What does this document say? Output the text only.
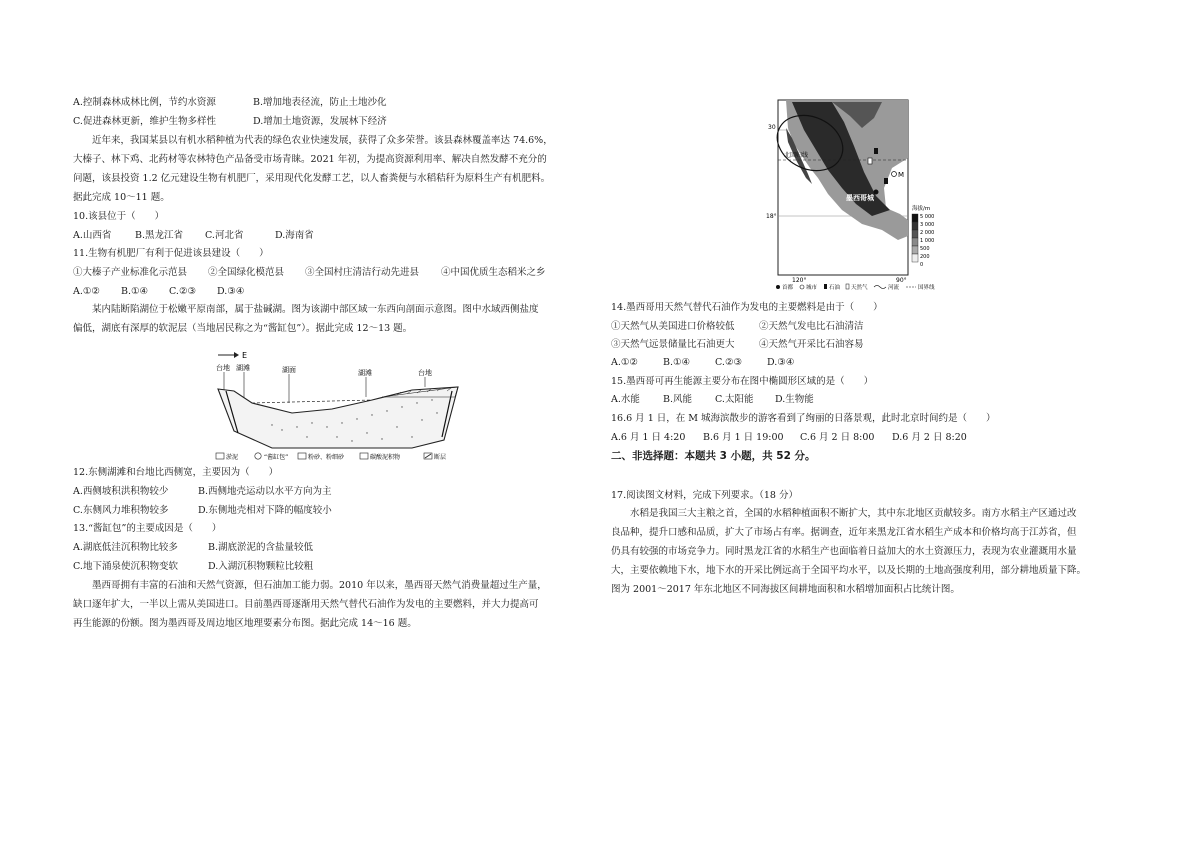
A.控制森林成林比例，节约水资源	B.增加地表径流，防止土地沙化
C.促进森林更新，维护生物多样性	D.增加土地资源，发展林下经济
近年来，我国某县以有机水稻种植为代表的绿色农业快速发展，获得了众多荣誉。该县森林覆盖率达 74.6%，
大榛子、林下鸡、北药材等农林特色产品备受市场青睐。2021 年初，为提高资源利用率、解决自然发酵不充分的
问题，该县投资 1.2 亿元建设生物有机肥厂，采用现代化发酵工艺，以人畜粪便与水稻秸秆为原料生产有机肥料。
据此完成 10～11 题。
10.该县位于（　　）
A.山西省 B.黑龙江省 C.河北省	D.海南省
11.生物有机肥厂有利于促进该县建设（　　）
①大榛子产业标准化示范县 ②全国绿化模范县 ③全国村庄清洁行动先进县 ④中国优质生态稻米之乡
A.①② B.①④ C.②③ D.③④
某内陆断陷湖位于松嫩平原南部，属于盐碱湖。图为该湖中部区域一东西向剖面示意图。图中水域西侧盐度
偏低，湖底有深厚的软泥层（当地居民称之为“酱缸包”）。据此完成 12～13 题。
E
台地 湖滩	湖面	湖滩	台地
淤泥	“酱缸包”	粉砂、粉细砂	碳酸泥积物	断层
12.东侧湖滩和台地比西侧宽，主要因为（　　）
A.西侧坡积洪积物较少	B.西侧地壳运动以水平方向为主
C.东侧风力堆积物较多	D.东侧地壳相对下降的幅度较小
13.“酱缸包”的主要成因是（　　）
A.湖底低洼沉积物比较多	B.湖底淤泥的含盐量较低
C.地下涌泉使沉积物变软	D.入湖沉积物颗粒比较粗
墨西哥拥有丰富的石油和天然气资源，但石油加工能力弱。2010 年以来，墨西哥天然气消费量超过生产量，
缺口逐年扩大，一半以上需从美国进口。目前墨西哥逐渐用天然气替代石油作为发电的主要燃料，并大力提高可
再生能源的份额。图为墨西哥及周边地区地理要素分布图。据此完成 14～16 题。
北回归线
30
18°
120°	90°
M
墨西哥城
海拔/m
5 000
3 000
2 000
1 000
500
200
0
首都 城市 石油 天然气	河流	国界线
14.墨西哥用天然气替代石油作为发电的主要燃料是由于（　　）
①天然气从美国进口价格较低	②天然气发电比石油清洁
③天然气远景储量比石油更大	④天然气开采比石油容易
A.①②	B.①④	C.②③	D.③④
15.墨西哥可再生能源主要分布在图中椭圆形区域的是（　　）
A.水能 B.风能 C.太阳能 D.生物能
16.6 月 1 日，在 M 城海滨散步的游客看到了绚丽的日落景观，此时北京时间约是（　　）
A.6 月 1 日 4:20 B.6 月 1 日 19:00 C.6 月 2 日 8:00 D.6 月 2 日 8:20
二、非选择题：本题共 3 小题，共 52 分。
17.阅读图文材料，完成下列要求。（18 分）
水稻是我国三大主粮之首，全国的水稻种植面积不断扩大，其中东北地区贡献较多。南方水稻主产区通过改
良品种，提升口感和品质，扩大了市场占有率。据调查，近年来黑龙江省水稻生产成本和价格均高于江苏省，但
仍具有较强的市场竞争力。同时黑龙江省的水稻生产也面临着日益加大的水土资源压力，表现为农业灌溉用水量
大，主要依赖地下水，地下水的开采比例远高于全国平均水平，以及长期的土地高强度利用，部分耕地质量下降。
图为 2001～2017 年东北地区不同海拔区间耕地面积和水稻增加面积占比统计图。
